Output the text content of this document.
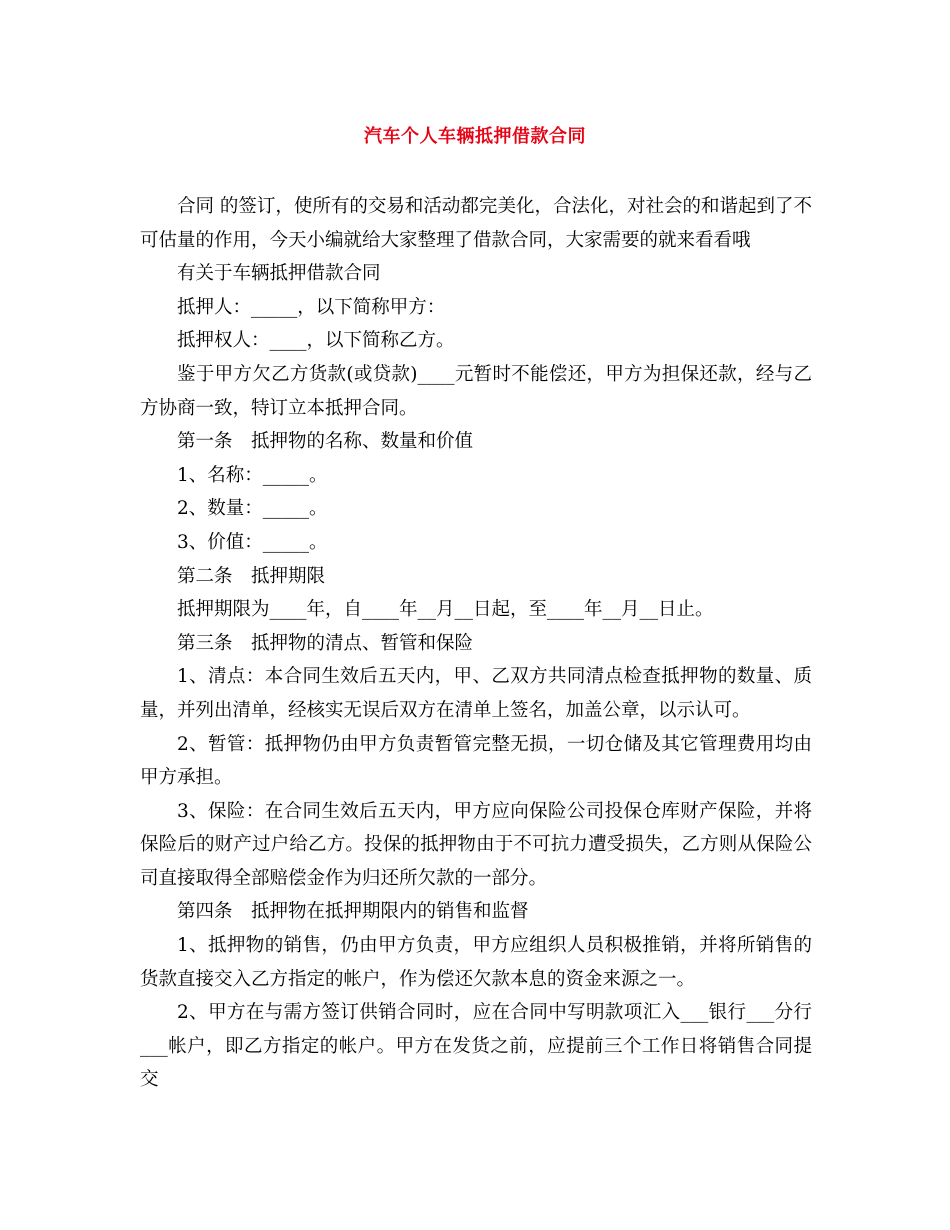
汽车个人车辆抵押借款合同

合同 的签订，使所有的交易和活动都完美化，合法化，对社会的和谐起到了不可估量的作用，今天小编就给大家整理了借款合同，大家需要的就来看看哦

有关于车辆抵押借款合同

抵押人：_____，以下简称甲方：

抵押权人：____，以下简称乙方。

鉴于甲方欠乙方货款(或贷款)____元暂时不能偿还，甲方为担保还款，经与乙方协商一致，特订立本抵押合同。

第一条　抵押物的名称、数量和价值

1、名称：_____。

2、数量：_____。

3、价值：_____。

第二条　抵押期限

抵押期限为____年，自____年__月__日起，至____年__月__日止。

第三条　抵押物的清点、暂管和保险

1、清点：本合同生效后五天内，甲、乙双方共同清点检查抵押物的数量、质量，并列出清单，经核实无误后双方在清单上签名，加盖公章，以示认可。

2、暂管：抵押物仍由甲方负责暂管完整无损，一切仓储及其它管理费用均由甲方承担。

3、保险：在合同生效后五天内，甲方应向保险公司投保仓库财产保险，并将保险后的财产过户给乙方。投保的抵押物由于不可抗力遭受损失，乙方则从保险公司直接取得全部赔偿金作为归还所欠款的一部分。

第四条　抵押物在抵押期限内的销售和监督

1、抵押物的销售，仍由甲方负责，甲方应组织人员积极推销，并将所销售的货款直接交入乙方指定的帐户，作为偿还欠款本息的资金来源之一。

2、甲方在与需方签订供销合同时，应在合同中写明款项汇入___银行___分行___帐户，即乙方指定的帐户。甲方在发货之前，应提前三个工作日将销售合同提交
